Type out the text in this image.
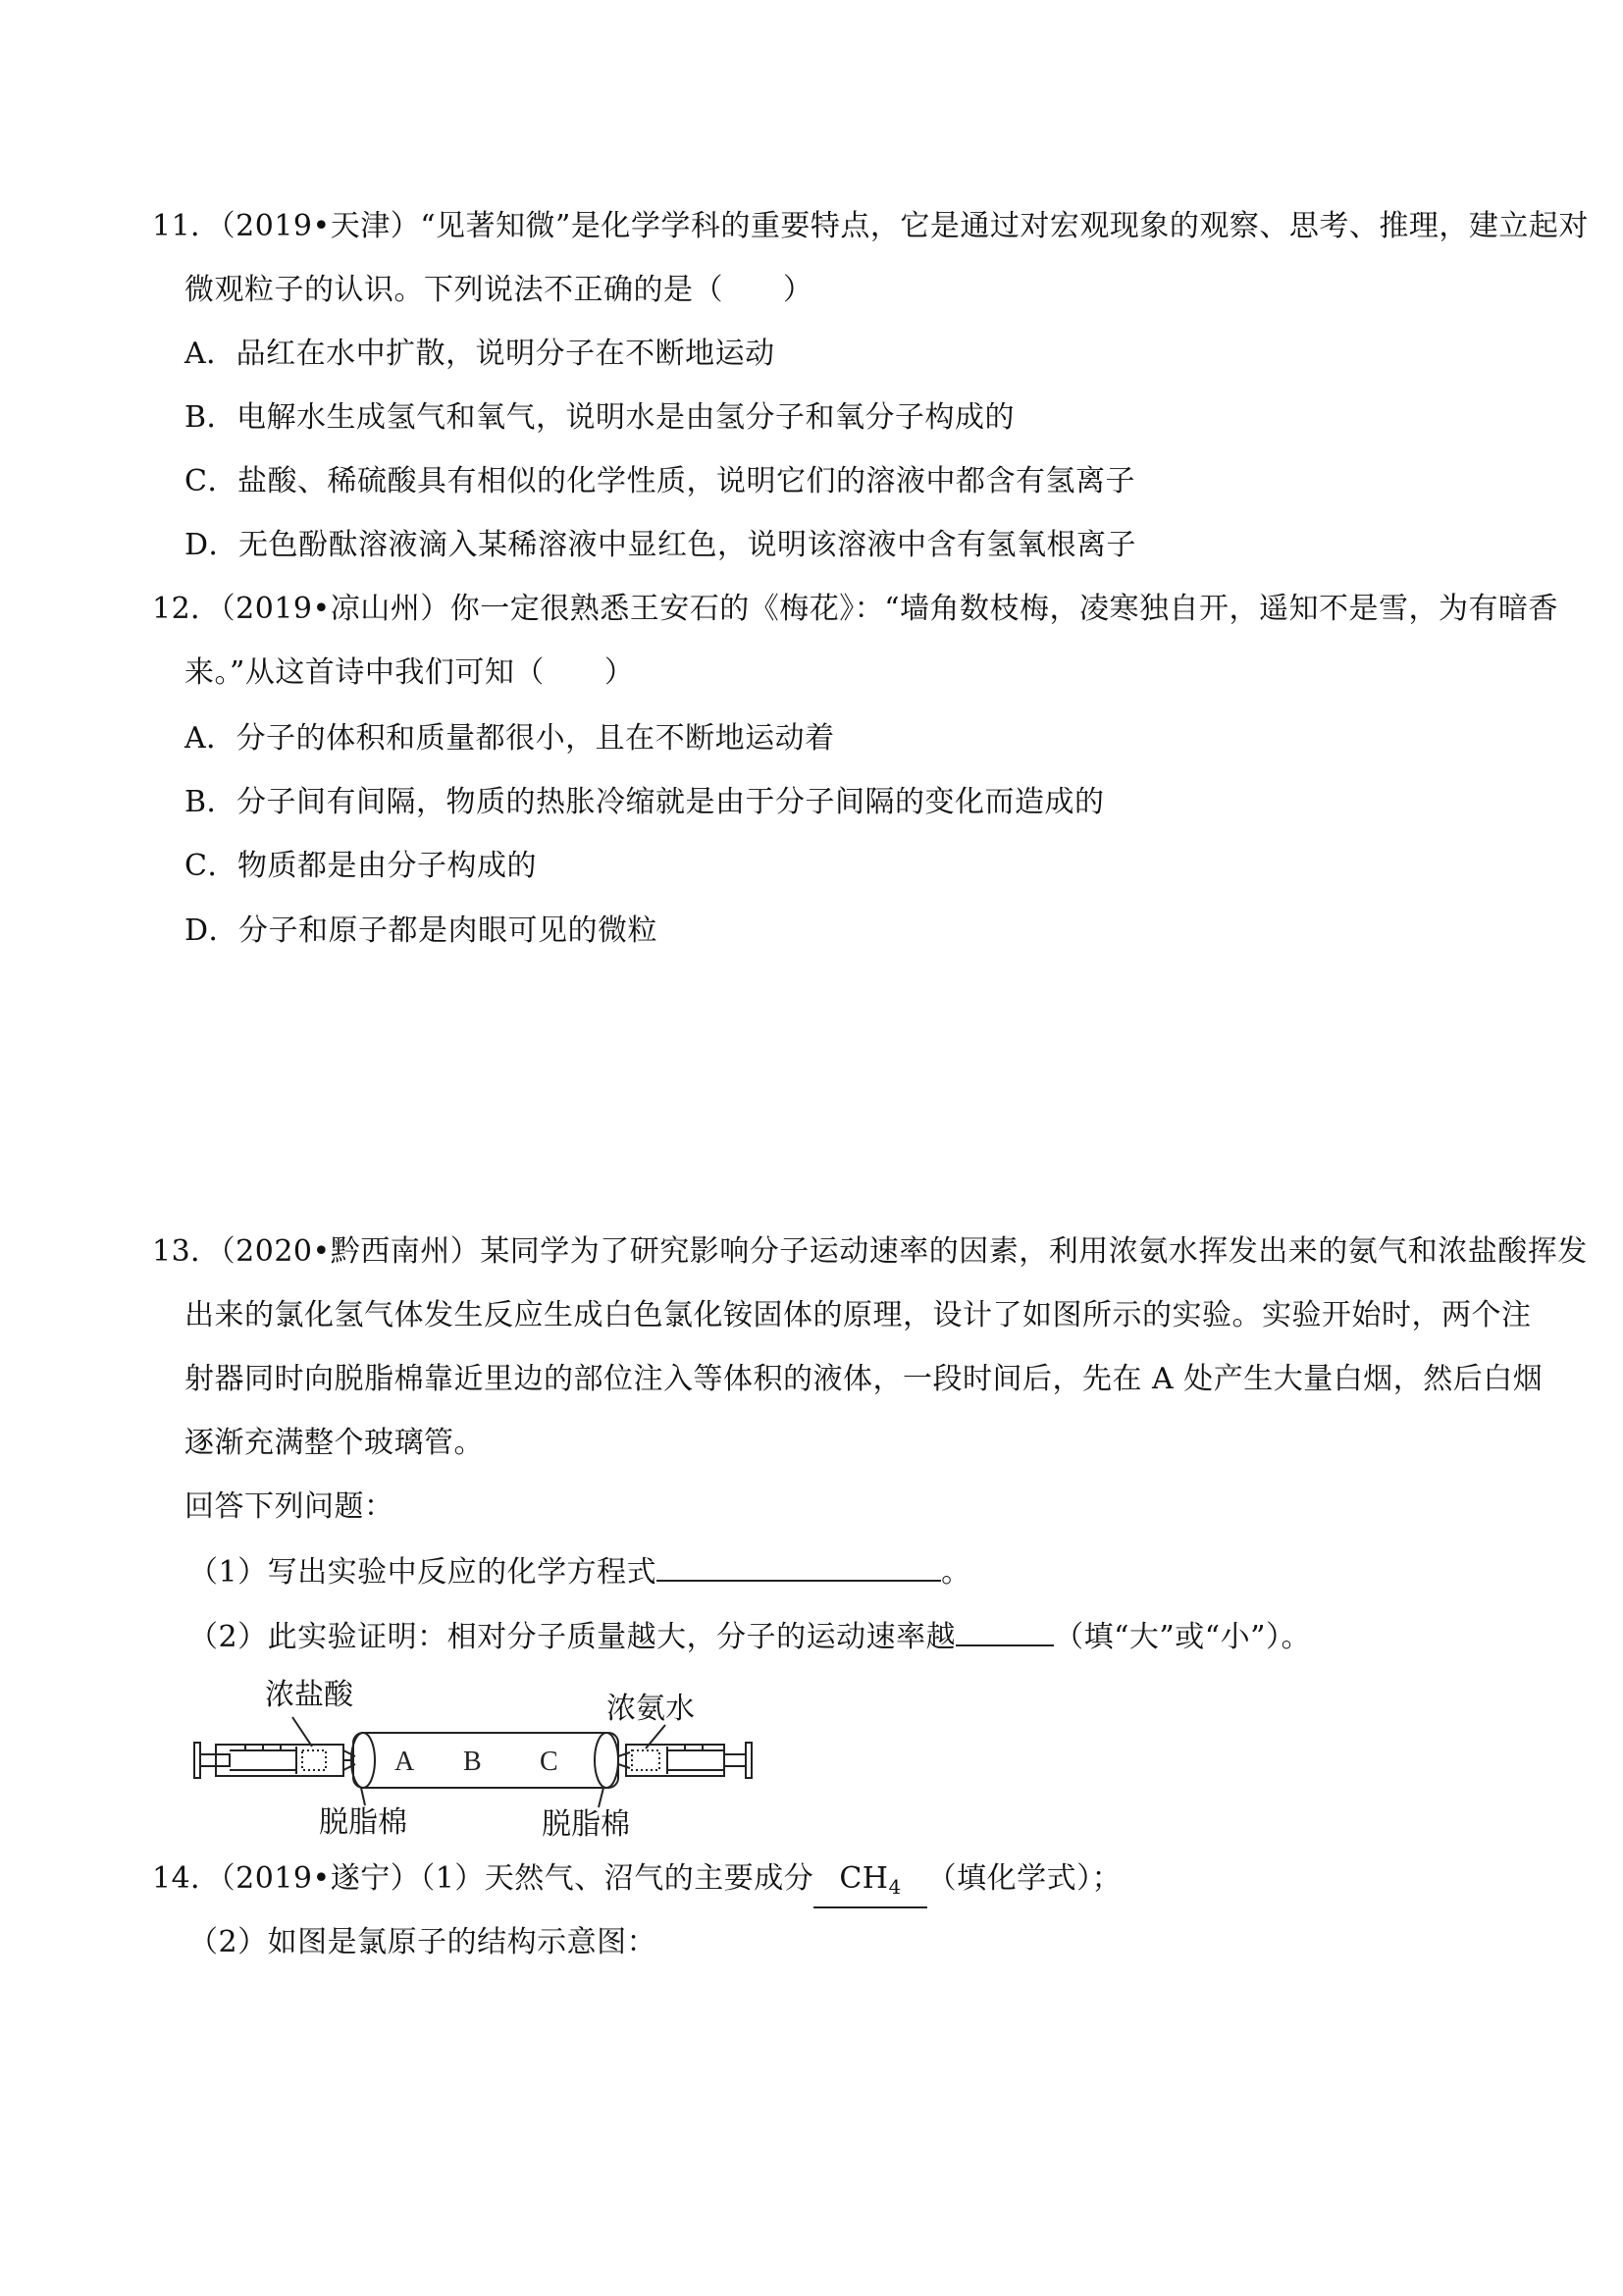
11．（2019•天津）“见著知微”是化学学科的重要特点，它是通过对宏观现象的观察、思考、推理，建立起对
微观粒子的认识。下列说法不正确的是（　　）
A．品红在水中扩散，说明分子在不断地运动
B．电解水生成氢气和氧气，说明水是由氢分子和氧分子构成的
C．盐酸、稀硫酸具有相似的化学性质，说明它们的溶液中都含有氢离子
D．无色酚酞溶液滴入某稀溶液中显红色，说明该溶液中含有氢氧根离子
12．（2019•凉山州）你一定很熟悉王安石的《梅花》：“墙角数枝梅，凌寒独自开，遥知不是雪，为有暗香
来。”从这首诗中我们可知（　　）
A．分子的体积和质量都很小，且在不断地运动着
B．分子间有间隔，物质的热胀冷缩就是由于分子间隔的变化而造成的
C．物质都是由分子构成的
D．分子和原子都是肉眼可见的微粒
13．（2020•黔西南州）某同学为了研究影响分子运动速率的因素，利用浓氨水挥发出来的氨气和浓盐酸挥发
出来的氯化氢气体发生反应生成白色氯化铵固体的原理，设计了如图所示的实验。实验开始时，两个注
射器同时向脱脂棉靠近里边的部位注入等体积的液体，一段时间后，先在 A 处产生大量白烟，然后白烟
逐渐充满整个玻璃管。
回答下列问题：
（1）写出实验中反应的化学方程式	。
（2）此实验证明：相对分子质量越大，分子的运动速率越	（填“大”或“小”）。
浓盐酸	浓氨水
脱脂棉	脱脂棉
A B C
14．（2019•遂宁）（1）天然气、沼气的主要成分 $CH_4$ （填化学式）；
（2）如图是氯原子的结构示意图：
